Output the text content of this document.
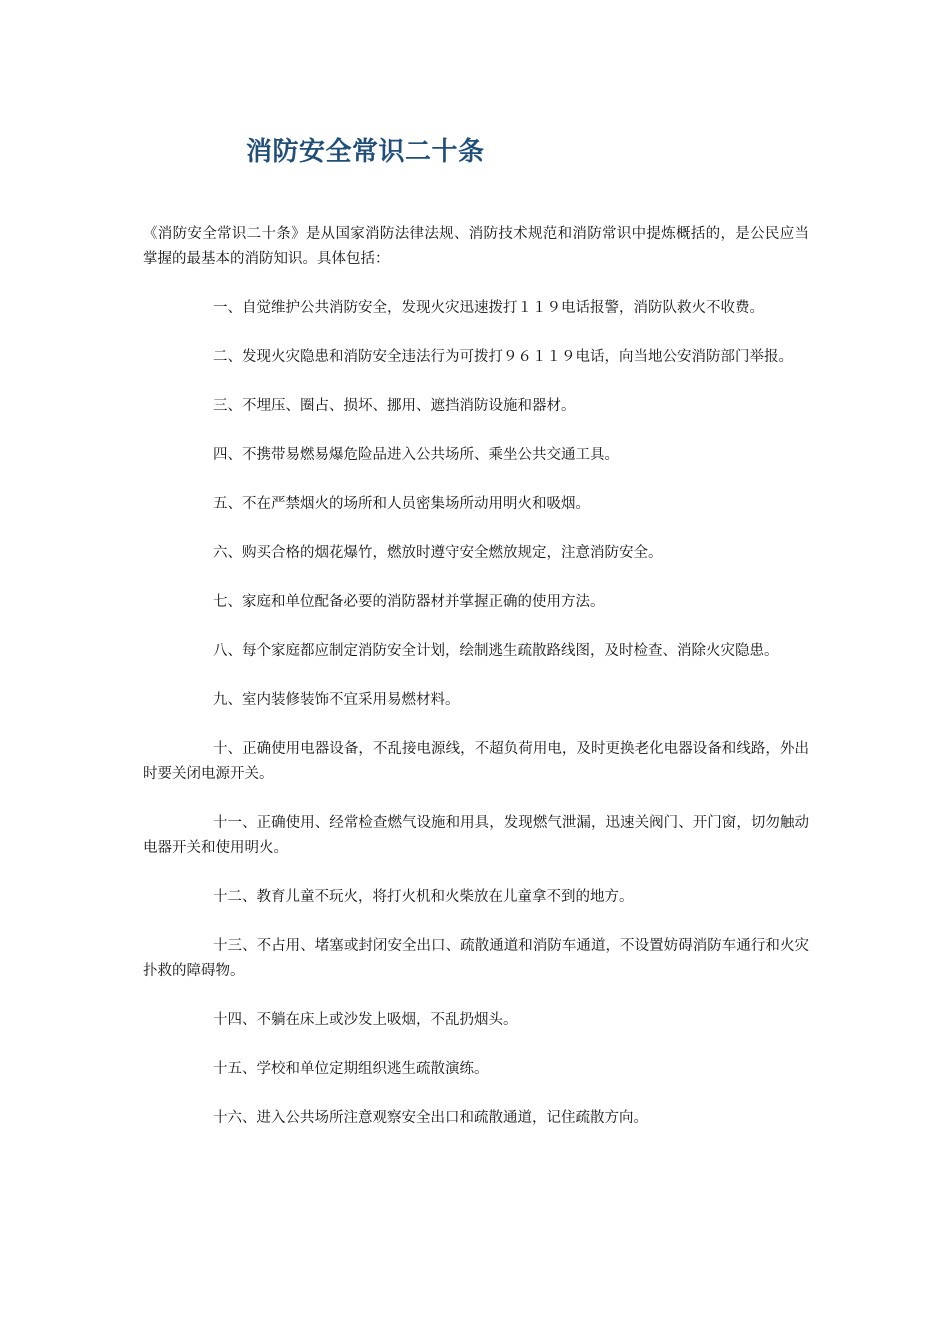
消防安全常识二十条

《消防安全常识二十条》是从国家消防法律法规、消防技术规范和消防常识中提炼概括的，是公民应当掌握的最基本的消防知识。具体包括：

一、自觉维护公共消防安全，发现火灾迅速拨打１１９电话报警，消防队救火不收费。

二、发现火灾隐患和消防安全违法行为可拨打９６１１９电话，向当地公安消防部门举报。

三、不埋压、圈占、损坏、挪用、遮挡消防设施和器材。

四、不携带易燃易爆危险品进入公共场所、乘坐公共交通工具。

五、不在严禁烟火的场所和人员密集场所动用明火和吸烟。

六、购买合格的烟花爆竹，燃放时遵守安全燃放规定，注意消防安全。

七、家庭和单位配备必要的消防器材并掌握正确的使用方法。

八、每个家庭都应制定消防安全计划，绘制逃生疏散路线图，及时检查、消除火灾隐患。

九、室内装修装饰不宜采用易燃材料。

十、正确使用电器设备，不乱接电源线，不超负荷用电，及时更换老化电器设备和线路，外出时要关闭电源开关。

十一、正确使用、经常检查燃气设施和用具，发现燃气泄漏，迅速关阀门、开门窗，切勿触动电器开关和使用明火。

十二、教育儿童不玩火，将打火机和火柴放在儿童拿不到的地方。

十三、不占用、堵塞或封闭安全出口、疏散通道和消防车通道，不设置妨碍消防车通行和火灾扑救的障碍物。

十四、不躺在床上或沙发上吸烟，不乱扔烟头。

十五、学校和单位定期组织逃生疏散演练。

十六、进入公共场所注意观察安全出口和疏散通道，记住疏散方向。
